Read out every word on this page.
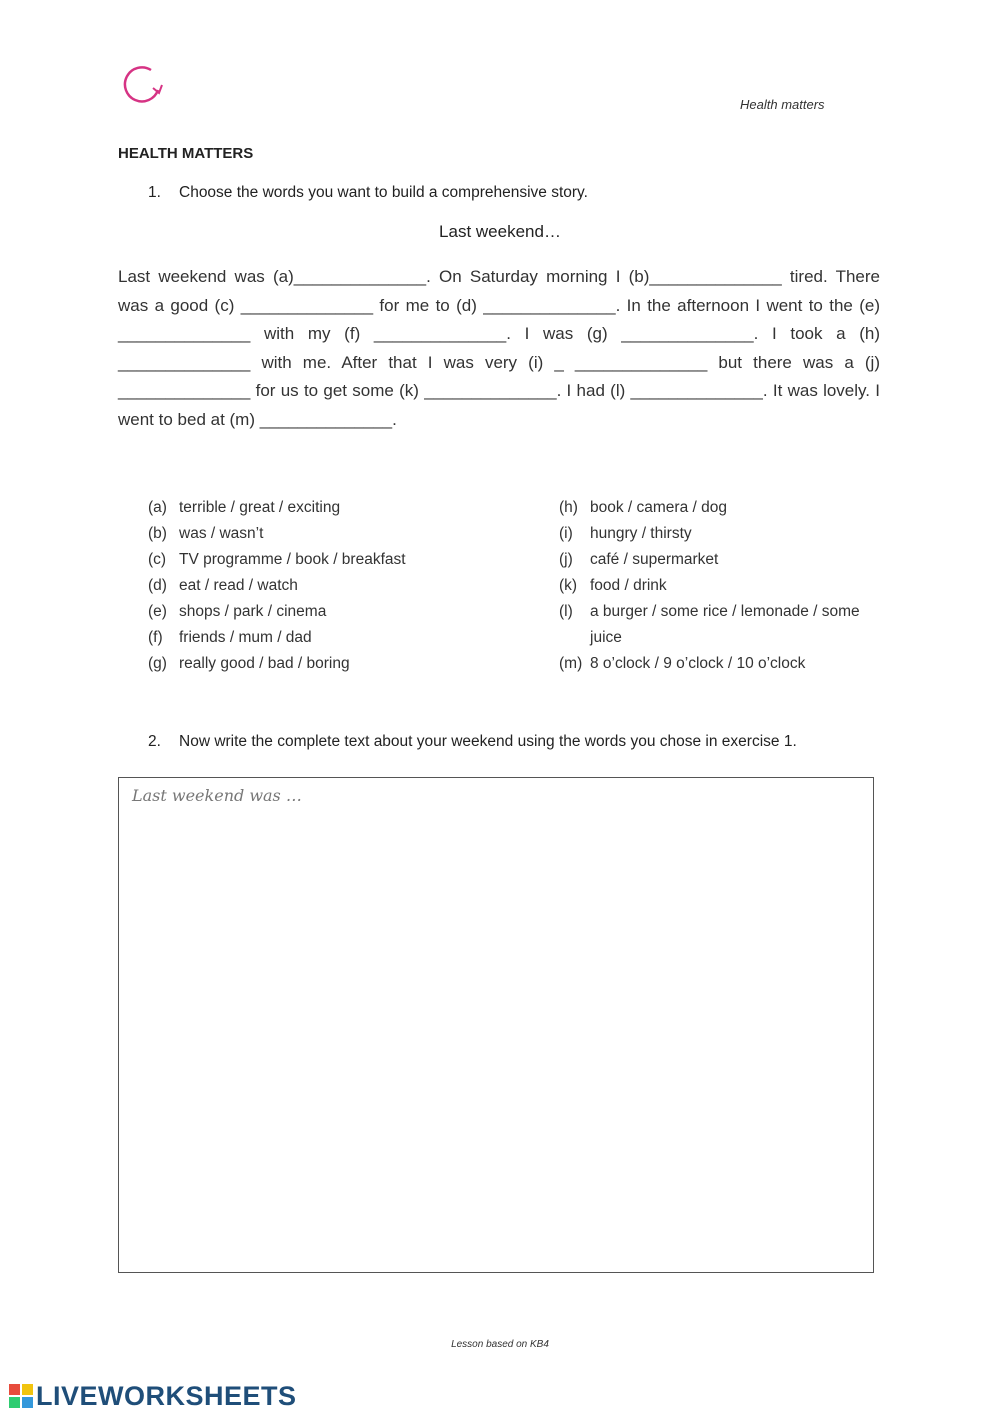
Health matters
HEALTH MATTERS
1. Choose the words you want to build a comprehensive story.
Last weekend…
Last weekend was (a)______________. On Saturday morning I (b)______________ tired. There was a good (c) ______________ for me to (d) ______________. In the afternoon I went to the (e) ______________ with my (f) ______________. I was (g) ______________. I took a (h) ______________ with me. After that I was very (i) _ ______________ but there was a (j) ______________ for us to get some (k) ______________. I had (l) ______________. It was lovely. I went to bed at (m) ______________.
(a) terrible / great / exciting
(b) was / wasn’t
(c) TV programme / book / breakfast
(d) eat / read / watch
(e) shops / park / cinema
(f)	friends / mum / dad
(g) really good / bad / boring
(h) book / camera / dog
(i)	hungry / thirsty
(j)	café / supermarket
(k) food / drink
(l)	a burger / some rice / lemonade / some juice
(m) 8 o’clock / 9 o’clock / 10 o’clock
2. Now write the complete text about your weekend using the words you chose in exercise 1.
Last weekend was …
Lesson based on KB4
LIVEWORKSHEETS
